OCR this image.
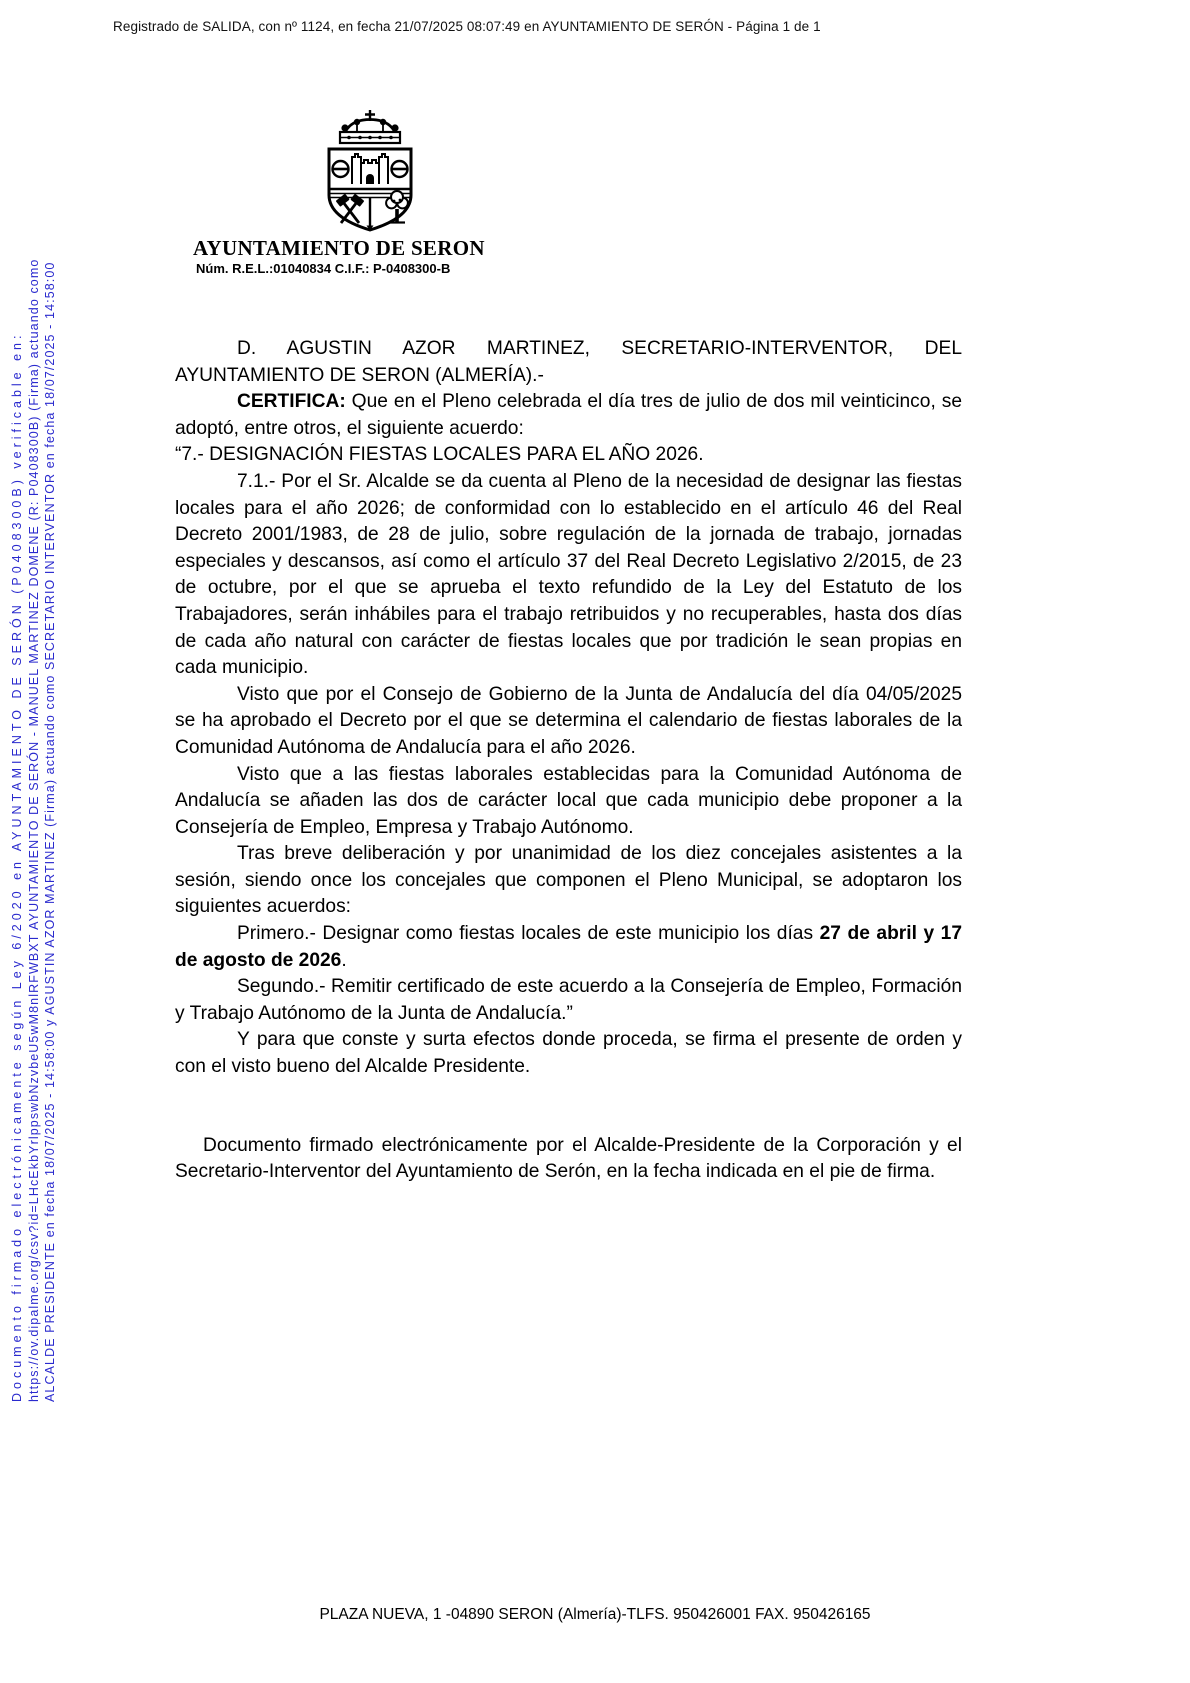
Registrado de SALIDA, con nº 1124, en fecha 21/07/2025 08:07:49 en AYUNTAMIENTO DE SERÓN - Página 1 de 1
AYUNTAMIENTO DE SERON
Núm. R.E.L.:01040834 C.I.F.: P-0408300-B

D. AGUSTIN AZOR MARTINEZ, SECRETARIO-INTERVENTOR, DEL AYUNTAMIENTO DE SERON (ALMERÍA).-

CERTIFICA: Que en el Pleno celebrada el día tres de julio de dos mil veinticinco, se adoptó, entre otros, el siguiente acuerdo:

“7.- DESIGNACIÓN FIESTAS LOCALES PARA EL AÑO 2026.

7.1.- Por el Sr. Alcalde se da cuenta al Pleno de la necesidad de designar las fiestas locales para el año 2026; de conformidad con lo establecido en el artículo 46 del Real Decreto 2001/1983, de 28 de julio, sobre regulación de la jornada de trabajo, jornadas especiales y descansos, así como el artículo 37 del Real Decreto Legislativo 2/2015, de 23 de octubre, por el que se aprueba el texto refundido de la Ley del Estatuto de los Trabajadores, serán inhábiles para el trabajo retribuidos y no recuperables, hasta dos días de cada año natural con carácter de fiestas locales que por tradición le sean propias en cada municipio.

Visto que por el Consejo de Gobierno de la Junta de Andalucía del día 04/05/2025 se ha aprobado el Decreto por el que se determina el calendario de fiestas laborales de la Comunidad Autónoma de Andalucía para el año 2026.

Visto que a las fiestas laborales establecidas para la Comunidad Autónoma de Andalucía se añaden las dos de carácter local que cada municipio debe proponer a la Consejería de Empleo, Empresa y Trabajo Autónomo.

Tras breve deliberación y por unanimidad de los diez concejales asistentes a la sesión, siendo once los concejales que componen el Pleno Municipal, se adoptaron los siguientes acuerdos:

Primero.- Designar como fiestas locales de este municipio los días 27 de abril y 17 de agosto de 2026.

Segundo.- Remitir certificado de este acuerdo a la Consejería de Empleo, Formación y Trabajo Autónomo de la Junta de Andalucía.”

Y para que conste y surta efectos donde proceda, se firma el presente de orden y con el visto bueno del Alcalde Presidente.

Documento firmado electrónicamente por el Alcalde-Presidente de la Corporación y el Secretario-Interventor del Ayuntamiento de Serón, en la fecha indicada en el pie de firma.

Documento firmado electrónicamente según Ley 6/2020 en AYUNTAMIENTO DE SERÓN (P0408300B) verificable en: https://ov.dipalme.org/csv?id=LHcEkbYrlppswbNzvbeU5wM8nlRFWBXT AYUNTAMIENTO DE SERÓN - MANUEL MARTINEZ DOMENE (R: P0408300B) (Firma) actuando como ALCALDE PRESIDENTE en fecha 18/07/2025 - 14:58:00 y AGUSTIN AZOR MARTINEZ (Firma) actuando como SECRETARIO INTERVENTOR en fecha 18/07/2025 - 14:58:00
PLAZA NUEVA, 1 -04890 SERON (Almería)-TLFS. 950426001 FAX. 950426165
